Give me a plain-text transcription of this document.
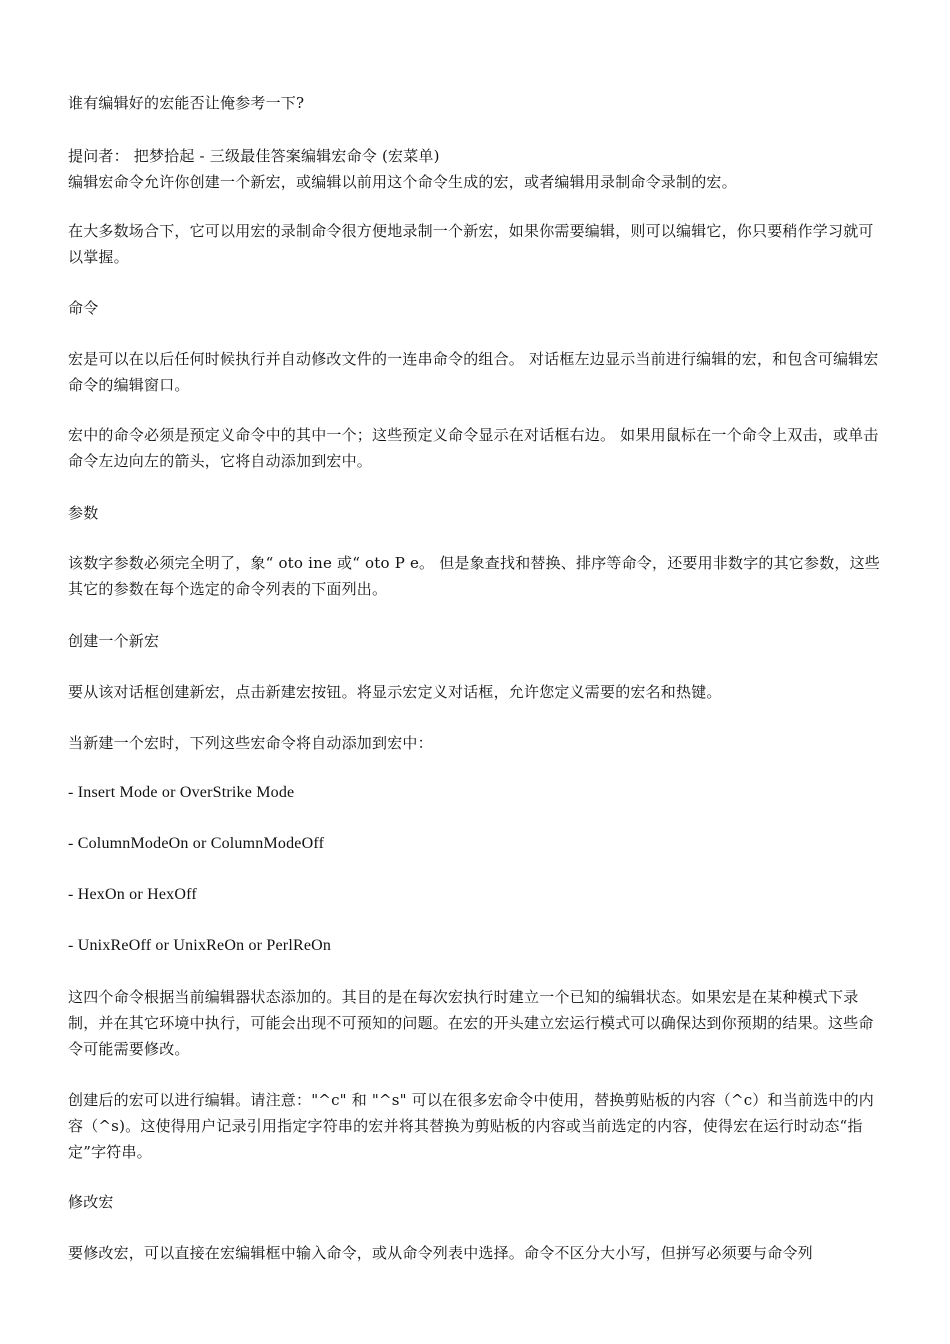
谁有编辑好的宏能否让俺参考一下?
提问者： 把梦拾起 - 三级最佳答案编辑宏命令 (宏菜单)
编辑宏命令允许你创建一个新宏，或编辑以前用这个命令生成的宏，或者编辑用录制命令录制的宏。
在大多数场合下，它可以用宏的录制命令很方便地录制一个新宏，如果你需要编辑，则可以编辑它，你只要稍作学习就可以掌握。
命令
宏是可以在以后任何时候执行并自动修改文件的一连串命令的组合。 对话框左边显示当前进行编辑的宏，和包含可编辑宏命令的编辑窗口。
宏中的命令必须是预定义命令中的其中一个；这些预定义命令显示在对话框右边。 如果用鼠标在一个命令上双击，或单击命令左边向左的箭头，它将自动添加到宏中。
参数
该数字参数必须完全明了，象“ oto ine 或“ oto P e。 但是象查找和替换、排序等命令，还要用非数字的其它参数，这些其它的参数在每个选定的命令列表的下面列出。
创建一个新宏
要从该对话框创建新宏，点击新建宏按钮。将显示宏定义对话框，允许您定义需要的宏名和热键。
当新建一个宏时，下列这些宏命令将自动添加到宏中：
- Insert Mode or OverStrike Mode
- ColumnModeOn or ColumnModeOff
- HexOn or HexOff
- UnixReOff or UnixReOn or PerlReOn
这四个命令根据当前编辑器状态添加的。其目的是在每次宏执行时建立一个已知的编辑状态。如果宏是在某种模式下录制，并在其它环境中执行，可能会出现不可预知的问题。在宏的开头建立宏运行模式可以确保达到你预期的结果。这些命令可能需要修改。
创建后的宏可以进行编辑。请注意："^c" 和 "^s" 可以在很多宏命令中使用，替换剪贴板的内容（^c）和当前选中的内容（^s)。这使得用户记录引用指定字符串的宏并将其替换为剪贴板的内容或当前选定的内容，使得宏在运行时动态“指定”字符串。
修改宏
要修改宏，可以直接在宏编辑框中输入命令，或从命令列表中选择。命令不区分大小写，但拼写必须要与命令列
